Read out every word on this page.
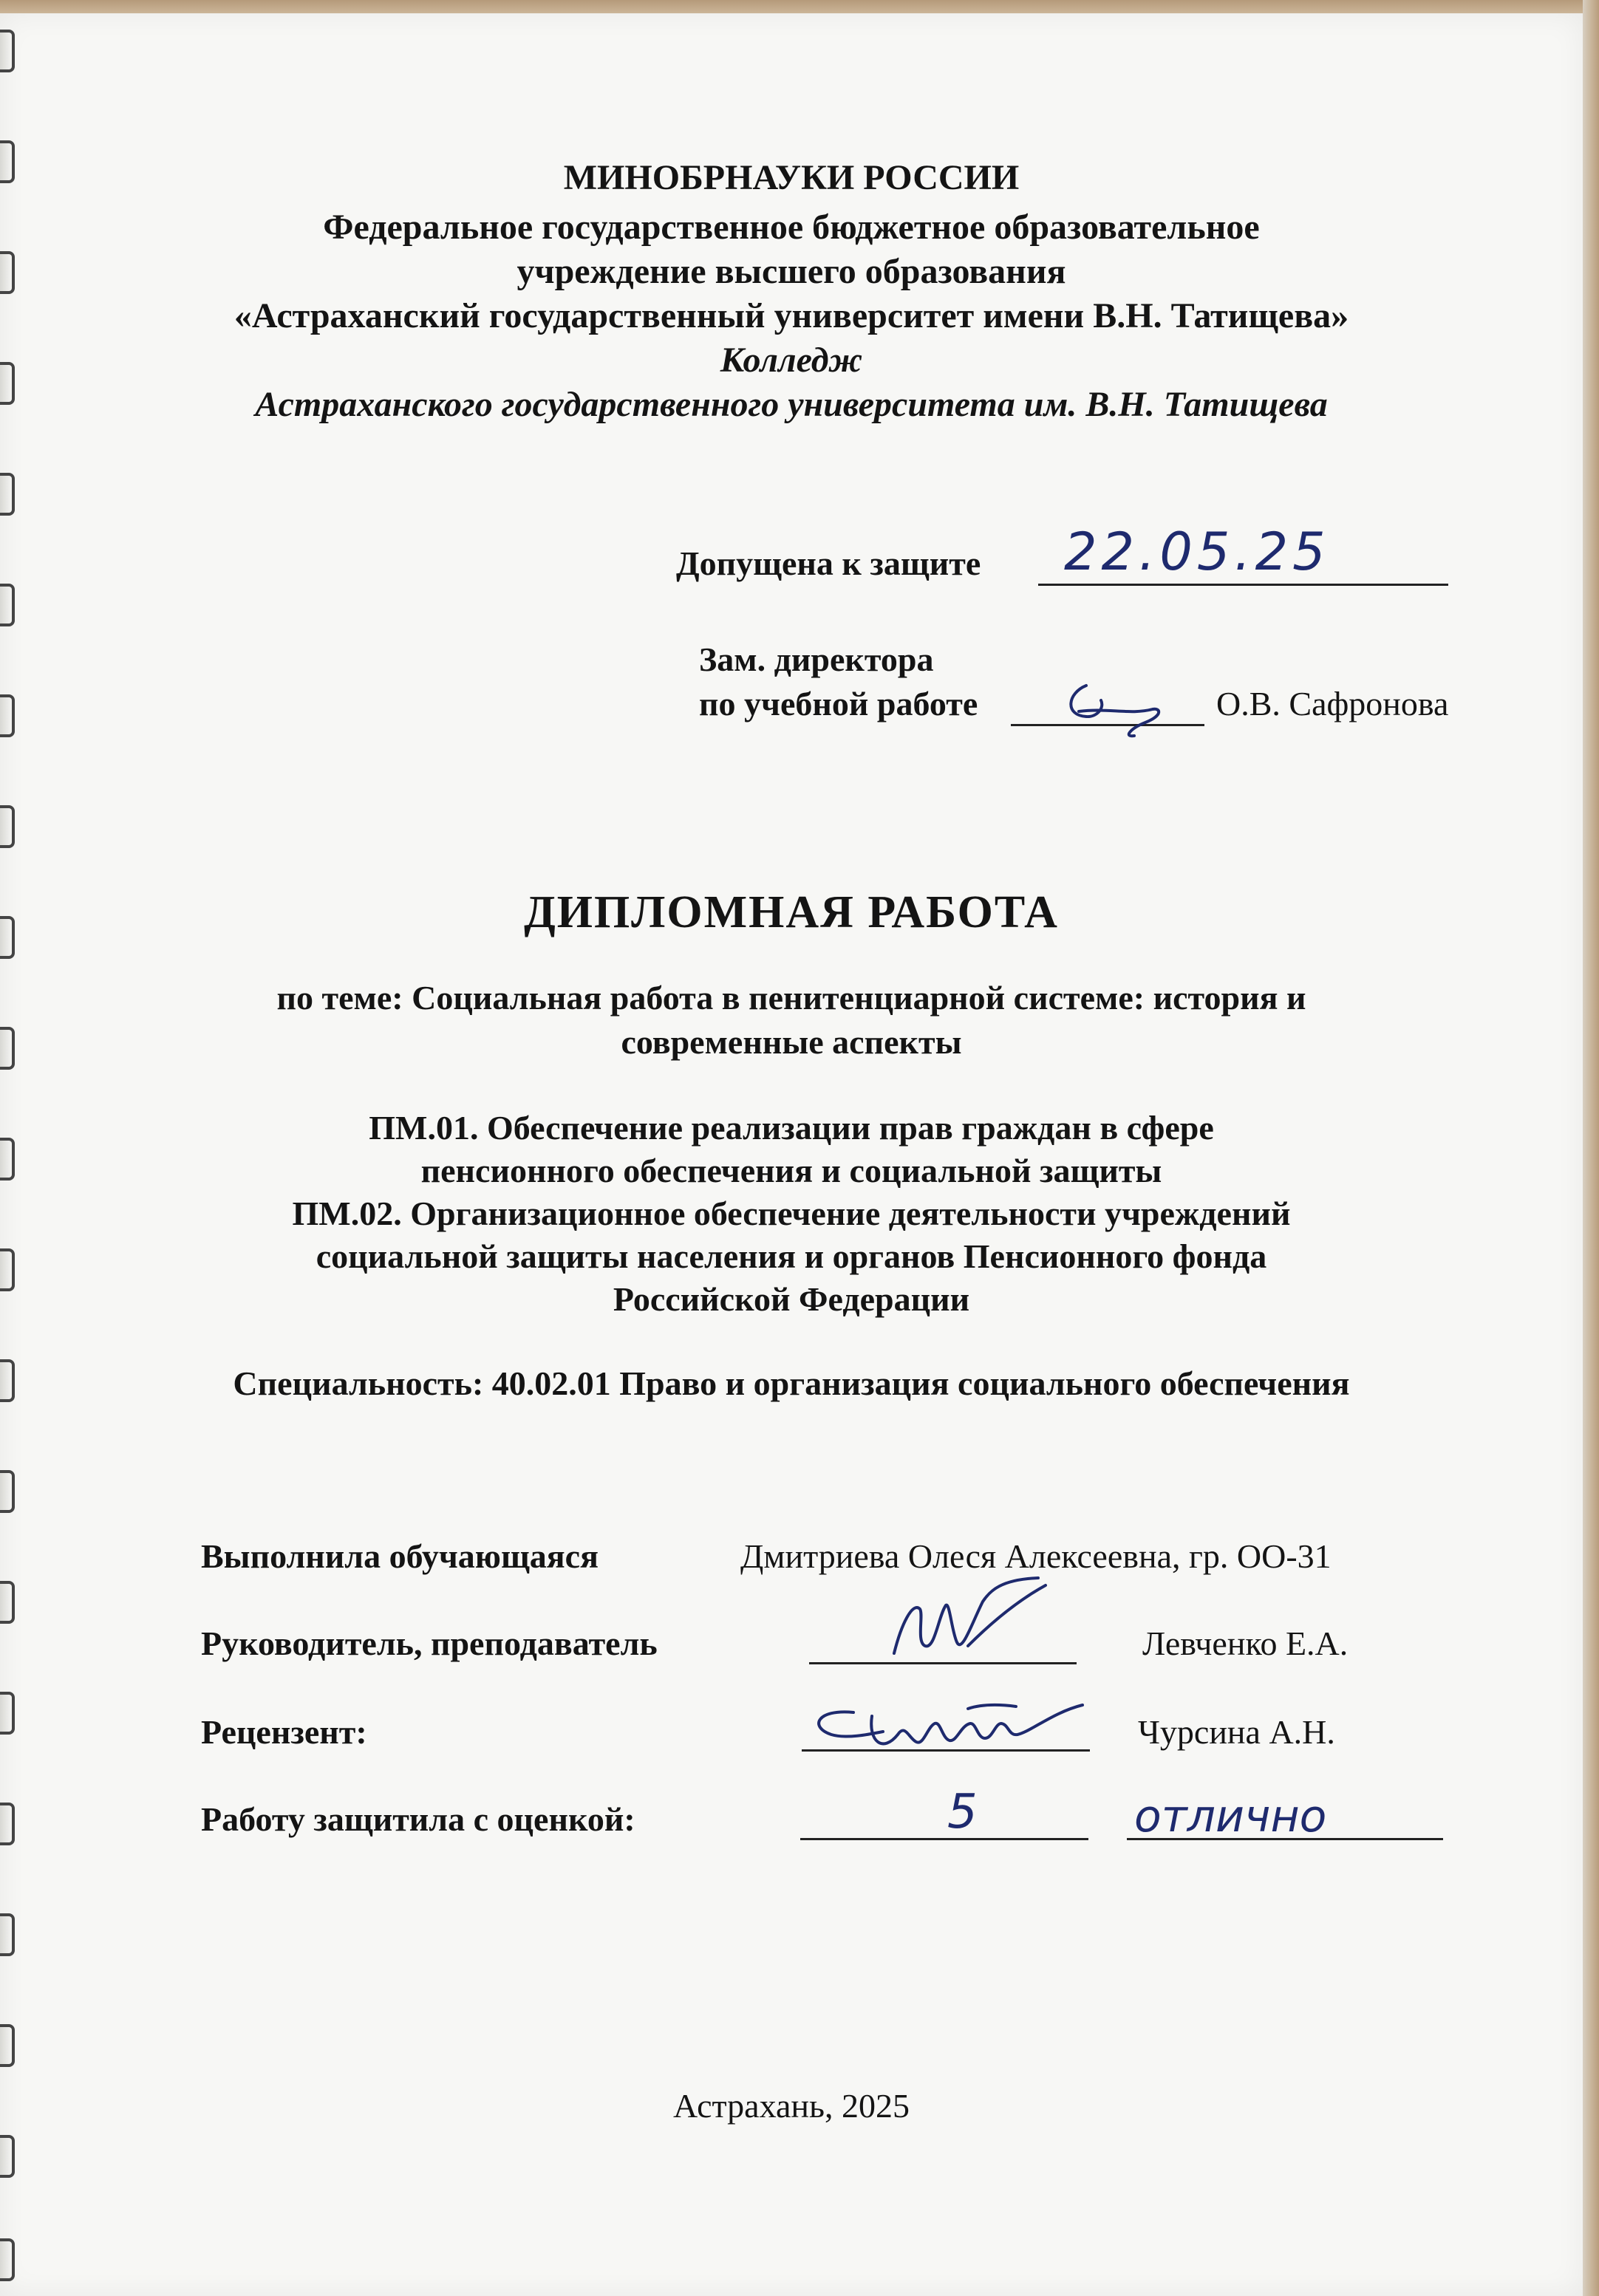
МИНОБРНАУКИ РОССИИ
Федеральное государственное бюджетное образовательное
учреждение высшего образования
«Астраханский государственный университет имени В.Н. Татищева»
Колледж
Астраханского государственного университета им. В.Н. Татищева
Допущена к защите 22.05.25
Зам. директора
по учебной работе	О.В. Сафронова
ДИПЛОМНАЯ РАБОТА
по теме: Социальная работа в пенитенциарной системе: история и
современные аспекты
ПМ.01. Обеспечение реализации прав граждан в сфере
пенсионного обеспечения и социальной защиты
ПМ.02. Организационное обеспечение деятельности учреждений
социальной защиты населения и органов Пенсионного фонда
Российской Федерации
Специальность: 40.02.01 Право и организация социального обеспечения
Выполнила обучающаяся	Дмитриева Олеся Алексеевна, гр. ОО-31
Руководитель, преподаватель	Левченко Е.А.
Рецензент:	Чурсина А.Н.
Работу защитила с оценкой:	5	отлично
Астрахань, 2025
